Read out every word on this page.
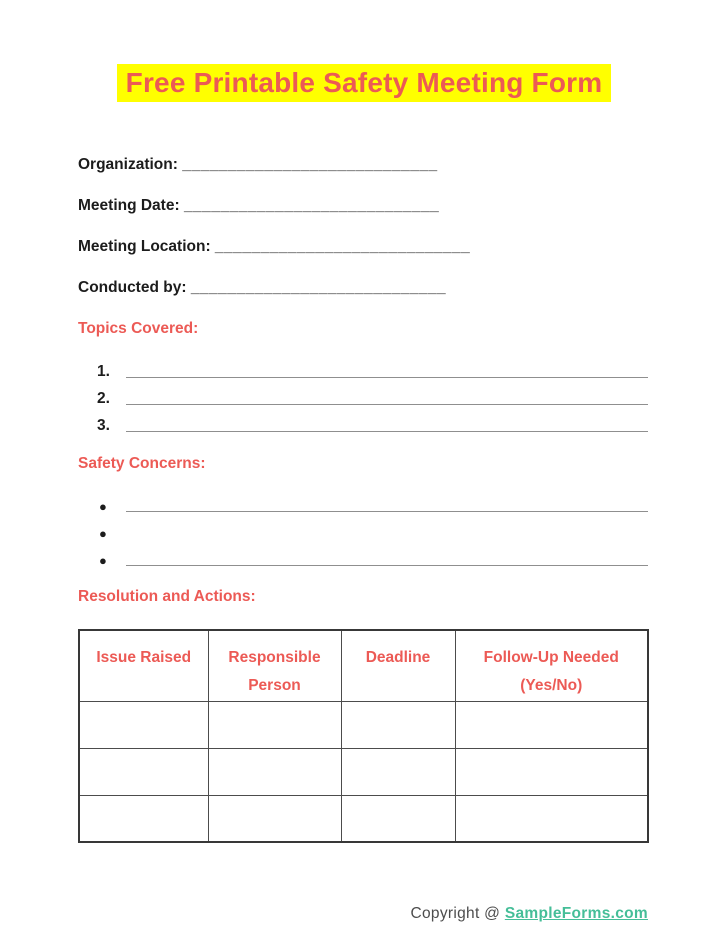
Free Printable Safety Meeting Form
Organization: ____________________________
Meeting Date: ____________________________
Meeting Location: ____________________________
Conducted by: ____________________________
Topics Covered:
1.
2.
3.
Safety Concerns:
●
●
●
Resolution and Actions:
Issue Raised	Responsible Person	Deadline	Follow-Up Needed (Yes/No)

Copyright @ SampleForms.com
